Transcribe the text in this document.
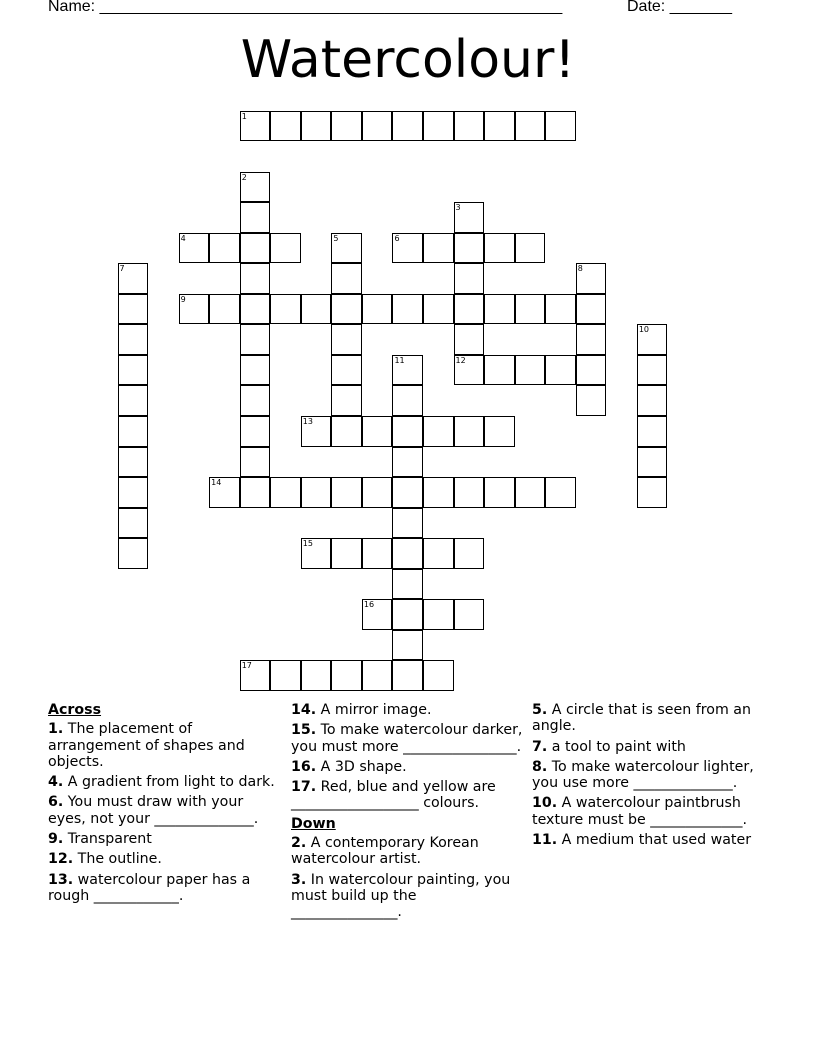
Name: ____________________________________________________	Date: _______
Watercolour!
1
2
3
12
4	5	6
7	8
9
10
11
13
14
15
16
17
Across
1. The placement of arrangement of shapes and objects.
4. A gradient from light to dark.
6. You must draw with your eyes, not your ______________.
9. Transparent
12. The outline.
13. watercolour paper has a rough ____________.
14. A mirror image.
15. To make watercolour darker, you must more ________________.
16. A 3D shape.
17. Red, blue and yellow are __________________ colours.
Down
2. A contemporary Korean watercolour artist.
3. In watercolour painting, you must build up the _______________.
5. A circle that is seen from an angle.
7. a tool to paint with
8. To make watercolour lighter, you use more ______________.
10. A watercolour paintbrush texture must be _____________.
11. A medium that used water
